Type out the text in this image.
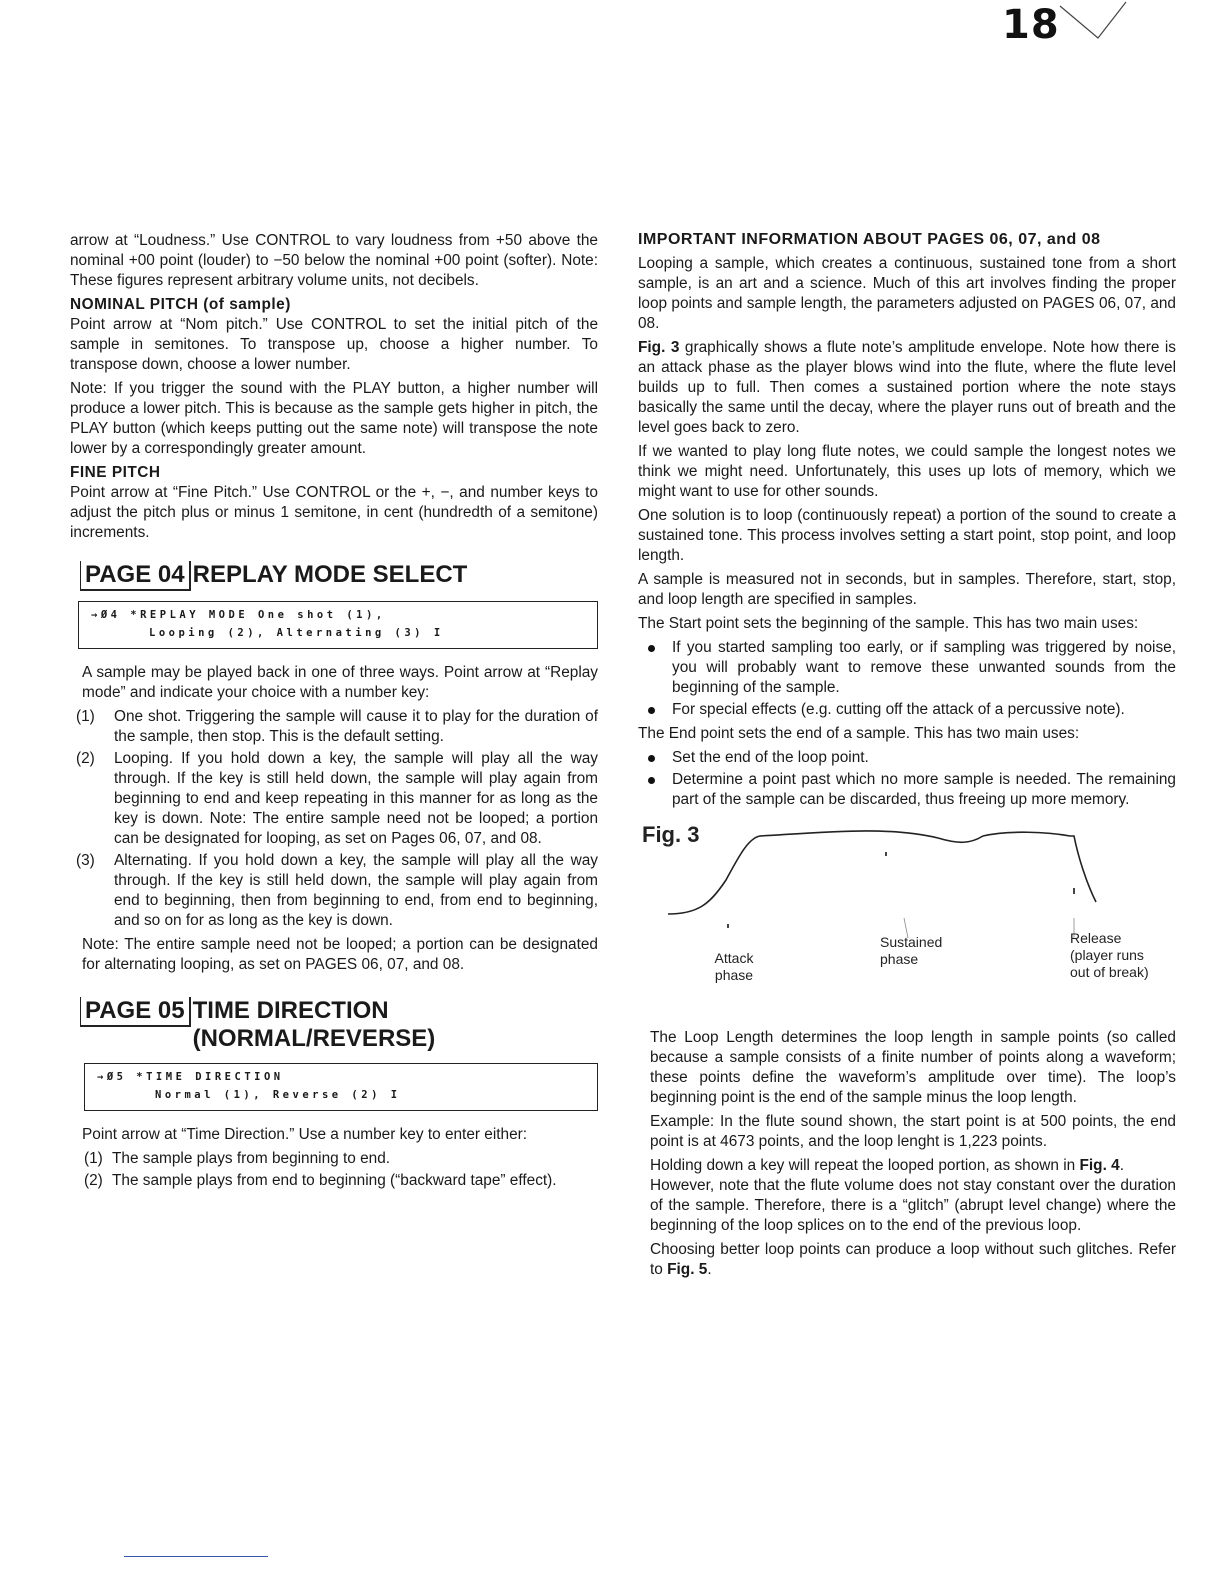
18

arrow at “Loudness.” Use CONTROL to vary loudness from +50 above the nominal +00 point (louder) to −50 below the nominal +00 point (softer). Note: These figures represent arbitrary volume units, not decibels.

NOMINAL PITCH (of sample)

Point arrow at “Nom pitch.” Use CONTROL to set the initial pitch of the sample in semitones. To transpose up, choose a higher number. To transpose down, choose a lower number.

Note: If you trigger the sound with the PLAY button, a higher number will produce a lower pitch. This is because as the sample gets higher in pitch, the PLAY button (which keeps putting out the same note) will transpose the note lower by a correspondingly greater amount.

FINE PITCH

Point arrow at “Fine Pitch.” Use CONTROL or the +, −, and number keys to adjust the pitch plus or minus 1 semitone, in cent (hundredth of a semitone) increments.

PAGE 04 REPLAY MODE SELECT
→Ø4 *REPLAY MODE One shot (1),
Looping (2), Alternating (3) I

A sample may be played back in one of three ways. Point arrow at “Replay mode” and indicate your choice with a number key:

(1) One shot. Triggering the sample will cause it to play for the duration of the sample, then stop. This is the default setting.
(2) Looping. If you hold down a key, the sample will play all the way through. If the key is still held down, the sample will play again from beginning to end and keep repeating in this manner for as long as the key is down. Note: The entire sample need not be looped; a portion can be designated for looping, as set on Pages 06, 07, and 08.
(3) Alternating. If you hold down a key, the sample will play all the way through. If the key is still held down, the sample will play again from end to beginning, then from beginning to end, from end to beginning, and so on for as long as the key is down.

Note: The entire sample need not be looped; a portion can be designated for alternating looping, as set on PAGES 06, 07, and 08.

PAGE 05 TIME DIRECTION
(NORMAL/REVERSE)
→Ø5 *TIME DIRECTION
Normal (1), Reverse (2) I

Point arrow at “Time Direction.” Use a number key to enter either:

(1) The sample plays from beginning to end.
(2) The sample plays from end to beginning (“backward tape” effect).
IMPORTANT INFORMATION ABOUT PAGES 06, 07, and 08

Looping a sample, which creates a continuous, sustained tone from a short sample, is an art and a science. Much of this art involves finding the proper loop points and sample length, the parameters adjusted on PAGES 06, 07, and 08.

Fig. 3 graphically shows a flute note’s amplitude envelope. Note how there is an attack phase as the player blows wind into the flute, where the flute level builds up to full. Then comes a sustained portion where the note stays basically the same until the decay, where the player runs out of breath and the level goes back to zero.

If we wanted to play long flute notes, we could sample the longest notes we think we might need. Unfortunately, this uses up lots of memory, which we might want to use for other sounds.

One solution is to loop (continuously repeat) a portion of the sound to create a sustained tone. This process involves setting a start point, stop point, and loop length.

A sample is measured not in seconds, but in samples. Therefore, start, stop, and loop length are specified in samples.

The Start point sets the beginning of the sample. This has two main uses:

If you started sampling too early, or if sampling was triggered by noise, you will probably want to remove these unwanted sounds from the beginning of the sample.
For special effects (e.g. cutting off the attack of a percussive note).

The End point sets the end of a sample. This has two main uses:

Set the end of the loop point.
Determine a point past which no more sample is needed. The remaining part of the sample can be discarded, thus freeing up more memory.
Fig. 3
Attack
phase
Sustained
phase
Release
(player runs
out of break)

The Loop Length determines the loop length in sample points (so called because a sample consists of a finite number of points along a waveform; these points define the waveform’s amplitude over time). The loop’s beginning point is the end of the sample minus the loop length.

Example: In the flute sound shown, the start point is at 500 points, the end point is at 4673 points, and the loop lenght is 1,223 points.

Holding down a key will repeat the looped portion, as shown in Fig. 4.

However, note that the flute volume does not stay constant over the duration of the sample. Therefore, there is a “glitch” (abrupt level change) where the beginning of the loop splices on to the end of the previous loop.

Choosing better loop points can produce a loop without such glitches. Refer to Fig. 5.
